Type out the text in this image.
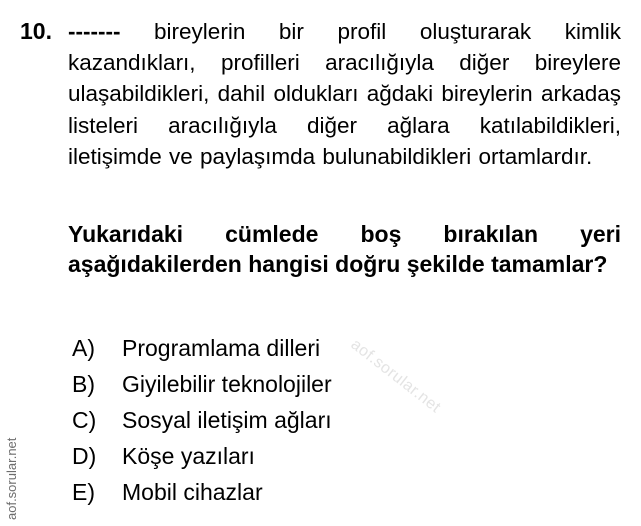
10. ------- bireylerin bir profil oluşturarak kimlik kazandıkları, profilleri aracılığıyla diğer bireylere ulaşabildikleri, dahil oldukları ağdaki bireylerin arkadaş listeleri aracılığıyla diğer ağlara katılabildikleri, iletişimde ve paylaşımda bulunabildikleri ortamlardır.
Yukarıdaki cümlede boş bırakılan yeri aşağıdakilerden hangisi doğru şekilde tamamlar?
A)	Programlama dilleri
B)	Giyilebilir teknolojiler
C)	Sosyal iletişim ağları
D)	Köşe yazıları
E)	Mobil cihazlar
aof.sorular.net
aof.sorular.net
